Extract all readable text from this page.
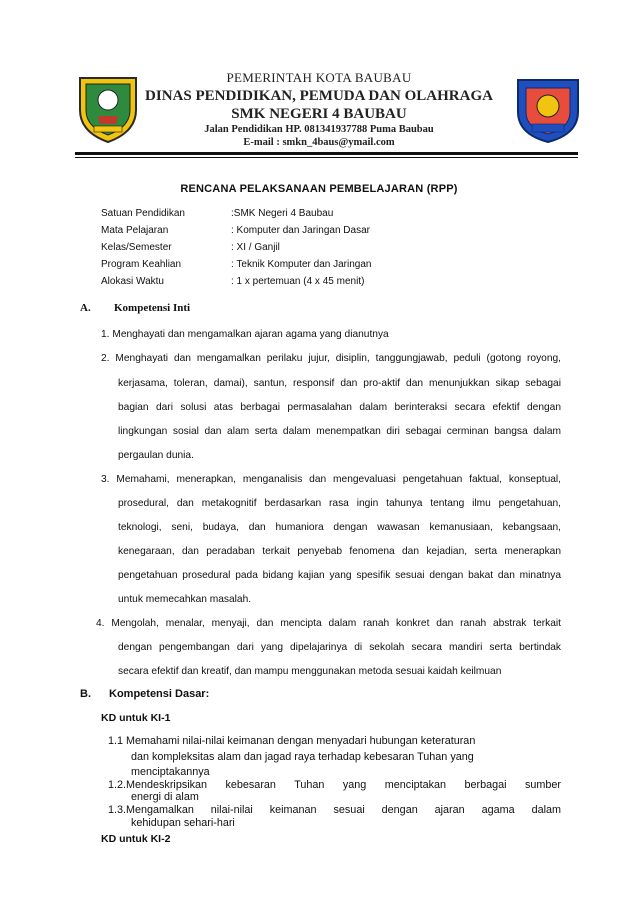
PEMERINTAH KOTA BAUBAU
DINAS PENDIDIKAN, PEMUDA DAN OLAHRAGA
SMK NEGERI 4 BAUBAU
Jalan Pendidikan HP. 081341937788 Puma Baubau
E-mail : smkn_4baus@ymail.com
RENCANA PELAKSANAAN PEMBELAJARAN (RPP)
Satuan Pendidikan	:SMK Negeri 4 Baubau
Mata Pelajaran	: Komputer dan Jaringan Dasar
Kelas/Semester	: XI / Ganjil
Program Keahlian	: Teknik Komputer dan Jaringan
Alokasi Waktu	: 1 x pertemuan (4 x 45 menit)
A. Kompetensi Inti
1. Menghayati dan mengamalkan ajaran agama yang dianutnya
2. Menghayati dan mengamalkan perilaku jujur, disiplin, tanggungjawab, peduli (gotong royong,
kerjasama, toleran, damai), santun, responsif dan pro-aktif dan menunjukkan sikap sebagai
bagian dari solusi atas berbagai permasalahan dalam berinteraksi secara efektif dengan
lingkungan sosial dan alam serta dalam menempatkan diri sebagai cerminan bangsa dalam
pergaulan dunia.
3. Memahami, menerapkan, menganalisis dan mengevaluasi pengetahuan faktual, konseptual,
prosedural, dan metakognitif berdasarkan rasa ingin tahunya tentang ilmu pengetahuan,
teknologi, seni, budaya, dan humaniora dengan wawasan kemanusiaan, kebangsaan,
kenegaraan, dan peradaban terkait penyebab fenomena dan kejadian, serta menerapkan
pengetahuan prosedural pada bidang kajian yang spesifik sesuai dengan bakat dan minatnya
untuk memecahkan masalah.
4. Mengolah, menalar, menyaji, dan mencipta dalam ranah konkret dan ranah abstrak terkait
dengan pengembangan dari yang dipelajarinya di sekolah secara mandiri serta bertindak
secara efektif dan kreatif, dan mampu menggunakan metoda sesuai kaidah keilmuan
B. Kompetensi Dasar:
KD untuk KI-1
1.1 Memahami nilai-nilai keimanan dengan menyadari hubungan keteraturan
dan kompleksitas alam dan jagad raya terhadap kebesaran Tuhan yang
menciptakannya
1.2.Mendeskripsikan kebesaran Tuhan yang menciptakan berbagai sumber
energi di alam
1.3.Mengamalkan nilai-nilai keimanan sesuai dengan ajaran agama dalam
kehidupan sehari-hari
KD untuk KI-2
